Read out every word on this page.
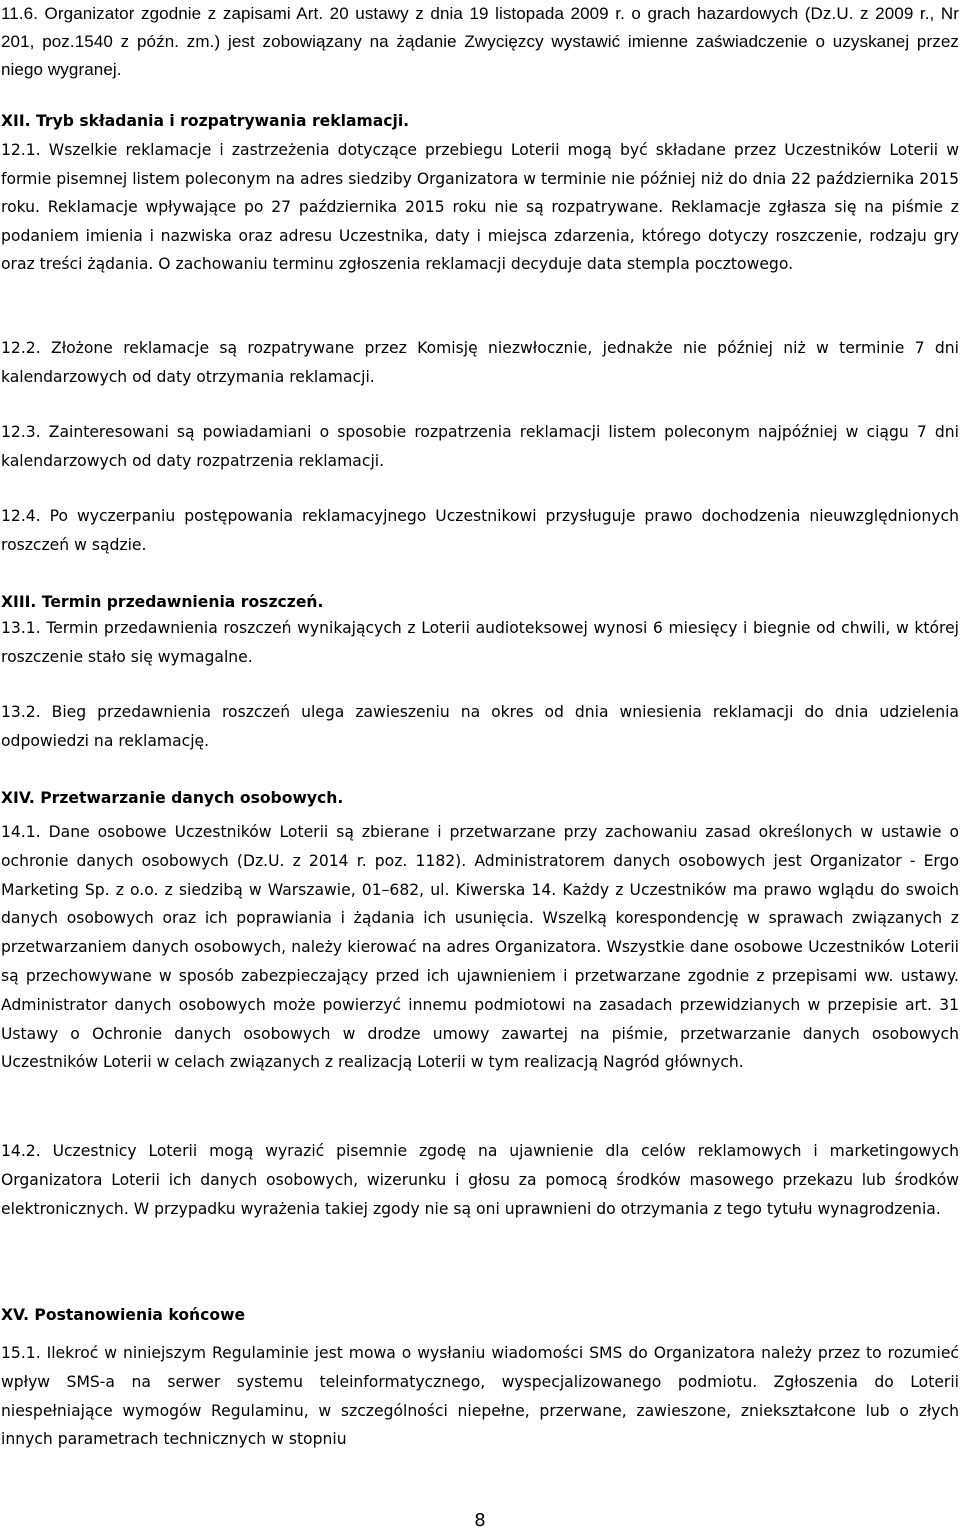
11.6. Organizator zgodnie z zapisami Art. 20 ustawy z dnia 19 listopada 2009 r. o grach hazardowych (Dz.U. z 2009 r., Nr 201, poz.1540 z późn. zm.) jest zobowiązany na żądanie Zwycięzcy wystawić imienne zaświadczenie o uzyskanej przez niego wygranej.
XII. Tryb składania i rozpatrywania reklamacji.
12.1. Wszelkie reklamacje i zastrzeżenia dotyczące przebiegu Loterii mogą być składane przez Uczestników Loterii w formie pisemnej listem poleconym na adres siedziby Organizatora w terminie nie później niż do dnia 22 października 2015 roku. Reklamacje wpływające po 27 października 2015 roku nie są rozpatrywane. Reklamacje zgłasza się na piśmie z podaniem imienia i nazwiska oraz adresu Uczestnika, daty i miejsca zdarzenia, którego dotyczy roszczenie, rodzaju gry oraz treści żądania. O zachowaniu terminu zgłoszenia reklamacji decyduje data stempla pocztowego.
12.2. Złożone reklamacje są rozpatrywane przez Komisję niezwłocznie, jednakże nie później niż w terminie 7 dni kalendarzowych od daty otrzymania reklamacji.
12.3. Zainteresowani są powiadamiani o sposobie rozpatrzenia reklamacji listem poleconym najpóźniej w ciągu 7 dni kalendarzowych od daty rozpatrzenia reklamacji.
12.4. Po wyczerpaniu postępowania reklamacyjnego Uczestnikowi przysługuje prawo dochodzenia nieuwzględnionych roszczeń w sądzie.
XIII. Termin przedawnienia roszczeń.
13.1. Termin przedawnienia roszczeń wynikających z Loterii audioteksowej wynosi 6 miesięcy i biegnie od chwili, w której roszczenie stało się wymagalne.
13.2. Bieg przedawnienia roszczeń ulega zawieszeniu na okres od dnia wniesienia reklamacji do dnia udzielenia odpowiedzi na reklamację.
XIV. Przetwarzanie danych osobowych.
14.1. Dane osobowe Uczestników Loterii są zbierane i przetwarzane przy zachowaniu zasad określonych w ustawie o ochronie danych osobowych (Dz.U. z 2014 r. poz. 1182). Administratorem danych osobowych jest Organizator - Ergo Marketing Sp. z o.o. z siedzibą w Warszawie, 01–682, ul. Kiwerska 14. Każdy z Uczestników ma prawo wglądu do swoich danych osobowych oraz ich poprawiania i żądania ich usunięcia. Wszelką korespondencję w sprawach związanych z przetwarzaniem danych osobowych, należy kierować na adres Organizatora. Wszystkie dane osobowe Uczestników Loterii są przechowywane w sposób zabezpieczający przed ich ujawnieniem i przetwarzane zgodnie z przepisami ww. ustawy. Administrator danych osobowych może powierzyć innemu podmiotowi na zasadach przewidzianych w przepisie art. 31 Ustawy o Ochronie danych osobowych w drodze umowy zawartej na piśmie, przetwarzanie danych osobowych Uczestników Loterii w celach związanych z realizacją Loterii w tym realizacją Nagród głównych.
14.2. Uczestnicy Loterii mogą wyrazić pisemnie zgodę na ujawnienie dla celów reklamowych i marketingowych Organizatora Loterii ich danych osobowych, wizerunku i głosu za pomocą środków masowego przekazu lub środków elektronicznych. W przypadku wyrażenia takiej zgody nie są oni uprawnieni do otrzymania z tego tytułu wynagrodzenia.
XV. Postanowienia końcowe
15.1. Ilekroć w niniejszym Regulaminie jest mowa o wysłaniu wiadomości SMS do Organizatora należy przez to rozumieć wpływ SMS-a na serwer systemu teleinformatycznego, wyspecjalizowanego podmiotu. Zgłoszenia do Loterii niespełniające wymogów Regulaminu, w szczególności niepełne, przerwane, zawieszone, zniekształcone lub o złych innych parametrach technicznych w stopniu
8
